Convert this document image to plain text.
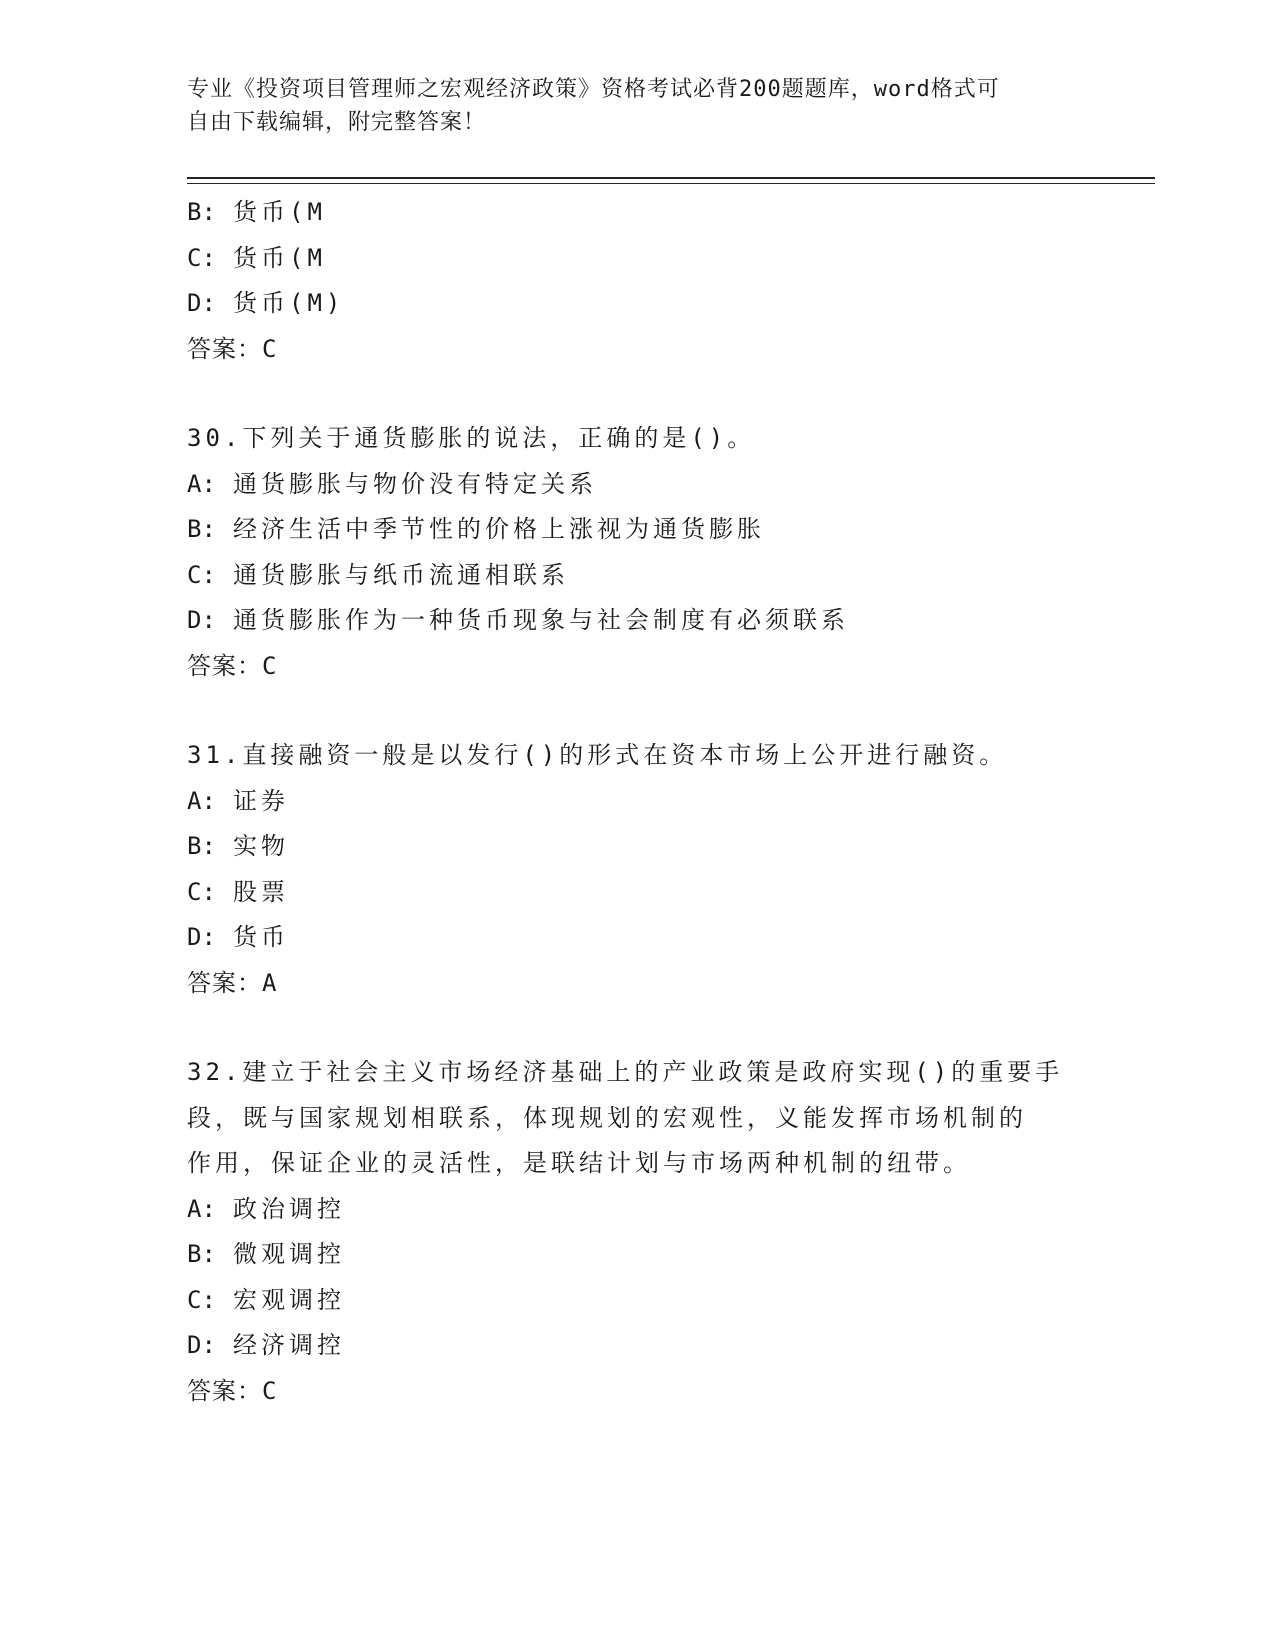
专业《投资项目管理师之宏观经济政策》资格考试必背200题题库，word格式可
自由下载编辑，附完整答案！
B: 货币(M
C: 货币(M
D: 货币(M)
答案：C
30.下列关于通货膨胀的说法，正确的是()。
A: 通货膨胀与物价没有特定关系
B: 经济生活中季节性的价格上涨视为通货膨胀
C: 通货膨胀与纸币流通相联系
D: 通货膨胀作为一种货币现象与社会制度有必须联系
答案：C
31.直接融资一般是以发行()的形式在资本市场上公开进行融资。
A: 证券
B: 实物
C: 股票
D: 货币
答案：A
32.建立于社会主义市场经济基础上的产业政策是政府实现()的重要手
段，既与国家规划相联系，体现规划的宏观性，义能发挥市场机制的
作用，保证企业的灵活性，是联结计划与市场两种机制的纽带。
A: 政治调控
B: 微观调控
C: 宏观调控
D: 经济调控
答案：C
